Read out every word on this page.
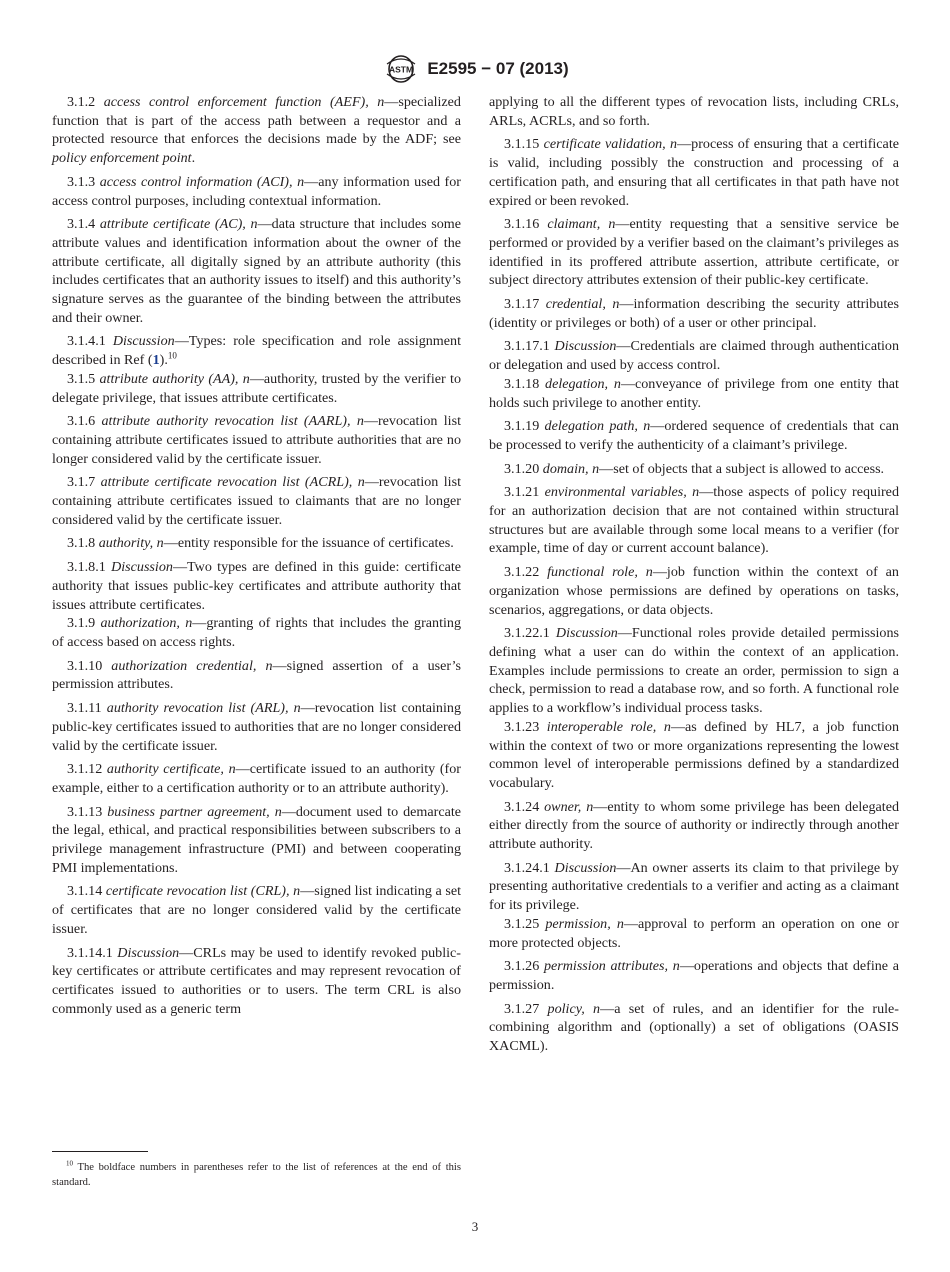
ASTM E2595 − 07 (2013)

3.1.2 access control enforcement function (AEF), n—specialized function that is part of the access path between a requestor and a protected resource that enforces the decisions made by the ADF; see policy enforcement point.

3.1.3 access control information (ACI), n—any information used for access control purposes, including contextual information.

3.1.4 attribute certificate (AC), n—data structure that includes some attribute values and identification information about the owner of the attribute certificate, all digitally signed by an attribute authority (this includes certificates that an authority issues to itself) and this authority’s signature serves as the guarantee of the binding between the attributes and their owner.

3.1.4.1 Discussion—Types: role specification and role assignment described in Ref (1).$^{10}$

3.1.5 attribute authority (AA), n—authority, trusted by the verifier to delegate privilege, that issues attribute certificates.

3.1.6 attribute authority revocation list (AARL), n—revocation list containing attribute certificates issued to attribute authorities that are no longer considered valid by the certificate issuer.

3.1.7 attribute certificate revocation list (ACRL), n—revocation list containing attribute certificates issued to claimants that are no longer considered valid by the certificate issuer.

3.1.8 authority, n—entity responsible for the issuance of certificates.

3.1.8.1 Discussion—Two types are defined in this guide: certificate authority that issues public-key certificates and attribute authority that issues attribute certificates.

3.1.9 authorization, n—granting of rights that includes the granting of access based on access rights.

3.1.10 authorization credential, n—signed assertion of a user’s permission attributes.

3.1.11 authority revocation list (ARL), n—revocation list containing public-key certificates issued to authorities that are no longer considered valid by the certificate issuer.

3.1.12 authority certificate, n—certificate issued to an authority (for example, either to a certification authority or to an attribute authority).

3.1.13 business partner agreement, n—document used to demarcate the legal, ethical, and practical responsibilities between subscribers to a privilege management infrastructure (PMI) and between cooperating PMI implementations.

3.1.14 certificate revocation list (CRL), n—signed list indicating a set of certificates that are no longer considered valid by the certificate issuer.

3.1.14.1 Discussion—CRLs may be used to identify revoked public-key certificates or attribute certificates and may represent revocation of certificates issued to authorities or to users. The term CRL is also commonly used as a generic term

applying to all the different types of revocation lists, including CRLs, ARLs, ACRLs, and so forth.

3.1.15 certificate validation, n—process of ensuring that a certificate is valid, including possibly the construction and processing of a certification path, and ensuring that all certificates in that path have not expired or been revoked.

3.1.16 claimant, n—entity requesting that a sensitive service be performed or provided by a verifier based on the claimant’s privileges as identified in its proffered attribute assertion, attribute certificate, or subject directory attributes extension of their public-key certificate.

3.1.17 credential, n—information describing the security attributes (identity or privileges or both) of a user or other principal.

3.1.17.1 Discussion—Credentials are claimed through authentication or delegation and used by access control.

3.1.18 delegation, n—conveyance of privilege from one entity that holds such privilege to another entity.

3.1.19 delegation path, n—ordered sequence of credentials that can be processed to verify the authenticity of a claimant’s privilege.

3.1.20 domain, n—set of objects that a subject is allowed to access.

3.1.21 environmental variables, n—those aspects of policy required for an authorization decision that are not contained within structural structures but are available through some local means to a verifier (for example, time of day or current account balance).

3.1.22 functional role, n—job function within the context of an organization whose permissions are defined by operations on tasks, scenarios, aggregations, or data objects.

3.1.22.1 Discussion—Functional roles provide detailed permissions defining what a user can do within the context of an application. Examples include permissions to create an order, permission to sign a check, permission to read a database row, and so forth. A functional role applies to a workflow’s individual process tasks.

3.1.23 interoperable role, n—as defined by HL7, a job function within the context of two or more organizations representing the lowest common level of interoperable permissions defined by a standardized vocabulary.

3.1.24 owner, n—entity to whom some privilege has been delegated either directly from the source of authority or indirectly through another attribute authority.

3.1.24.1 Discussion—An owner asserts its claim to that privilege by presenting authoritative credentials to a verifier and acting as a claimant for its privilege.

3.1.25 permission, n—approval to perform an operation on one or more protected objects.

3.1.26 permission attributes, n—operations and objects that define a permission.

3.1.27 policy, n—a set of rules, and an identifier for the rule-combining algorithm and (optionally) a set of obligations (OASIS XACML).

$^{10}$ The boldface numbers in parentheses refer to the list of references at the end of this standard.
3
